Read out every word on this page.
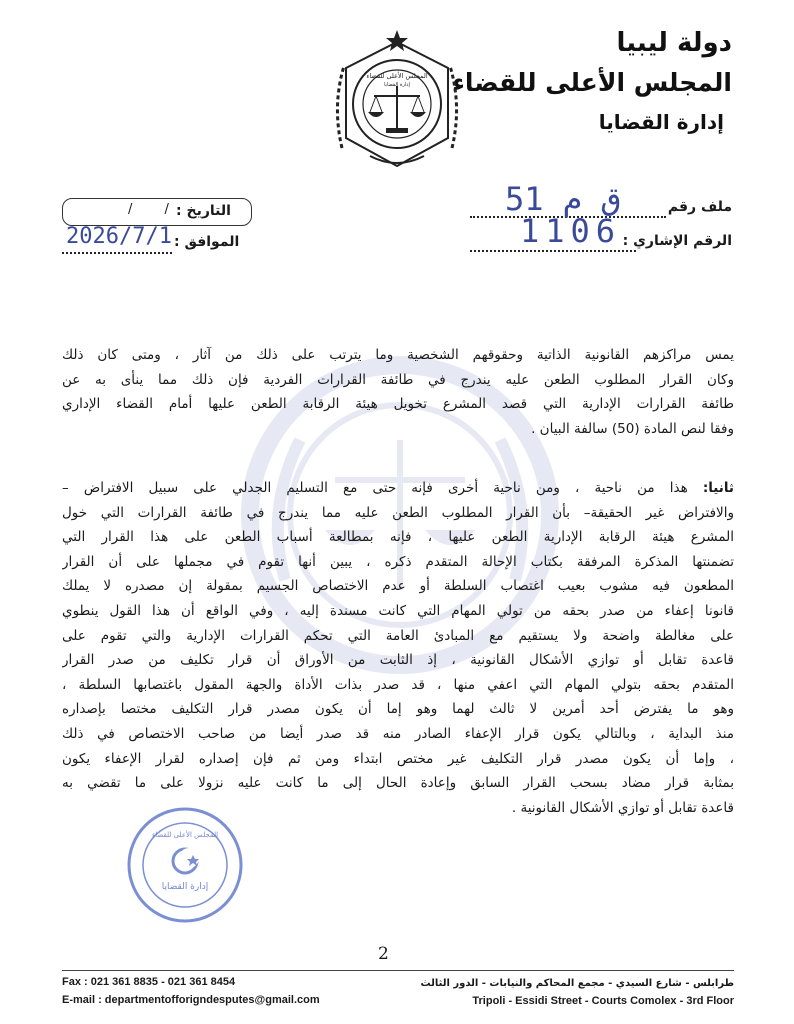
دولة ليبيا
المجلس الأعلى للقضاء
إدارة القضايا
المجلس الأعلى للقضاء
إدارة القضايا
ملف رقم
51 ق م
الرقم الإشاري :
1106
التاريخ :
/ /
الموافق :
2026/7/1
يمس مراكزهم القانونية الذاتية وحقوقهم الشخصية وما يترتب على ذلك من آثار ، ومتى كان ذلك
وكان القرار المطلوب الطعن عليه يندرج في طائفة القرارات الفردية فإن ذلك مما ينأى به عن
طائفة القرارات الإدارية التي قصد المشرع تخويل هيئة الرقابة الطعن عليها أمام القضاء الإداري
وفقا لنص المادة (50) سالفة البيان .
ثانيا: هذا من ناحية ، ومن ناحية أخرى فإنه حتى مع التسليم الجدلي على سبيل الافتراض –
والافتراض غير الحقيقة– بأن القرار المطلوب الطعن عليه مما يندرج في طائفة القرارات التي خول
المشرع هيئة الرقابة الإدارية الطعن عليها ، فإنه بمطالعة أسباب الطعن على هذا القرار التي
تضمنتها المذكرة المرفقة بكتاب الإحالة المتقدم ذكره ، يبين أنها تقوم في مجملها على أن القرار
المطعون فيه مشوب بعيب اغتصاب السلطة أو عدم الاختصاص الجسيم بمقولة إن مصدره لا يملك
قانونا إعفاء من صدر بحقه من تولي المهام التي كانت مسندة إليه ، وفي الواقع أن هذا القول ينطوي
على مغالطة واضحة ولا يستقيم مع المبادئ العامة التي تحكم القرارات الإدارية والتي تقوم على
قاعدة تقابل أو توازي الأشكال القانونية ، إذ الثابت من الأوراق أن قرار تكليف من صدر القرار
المتقدم بحقه بتولي المهام التي اعفي منها ، قد صدر بذات الأداة والجهة المقول باغتصابها السلطة ،
وهو ما يفترض أحد أمرين لا ثالث لهما وهو إما أن يكون مصدر قرار التكليف مختصا بإصداره
منذ البداية ، وبالتالي يكون قرار الإعفاء الصادر منه قد صدر أيضا من صاحب الاختصاص في ذلك
، وإما أن يكون مصدر قرار التكليف غير مختص ابتداء ومن ثم فإن إصداره لقرار الإعفاء يكون
بمثابة قرار مضاد بسحب القرار السابق وإعادة الحال إلى ما كانت عليه نزولا على ما تقضي به
قاعدة تقابل أو توازي الأشكال القانونية .
إدارة القضايا
المجلس الأعلى للقضاء
2
Fax : 021 361 8835 - 021 361 8454
E-mail : departmentofforigndesputes@gmail.com
طرابلس - شارع السيدي - مجمع المحاكم والنيابات - الدور الثالث
Tripoli - Essidi Street - Courts Comolex - 3rd Floor
